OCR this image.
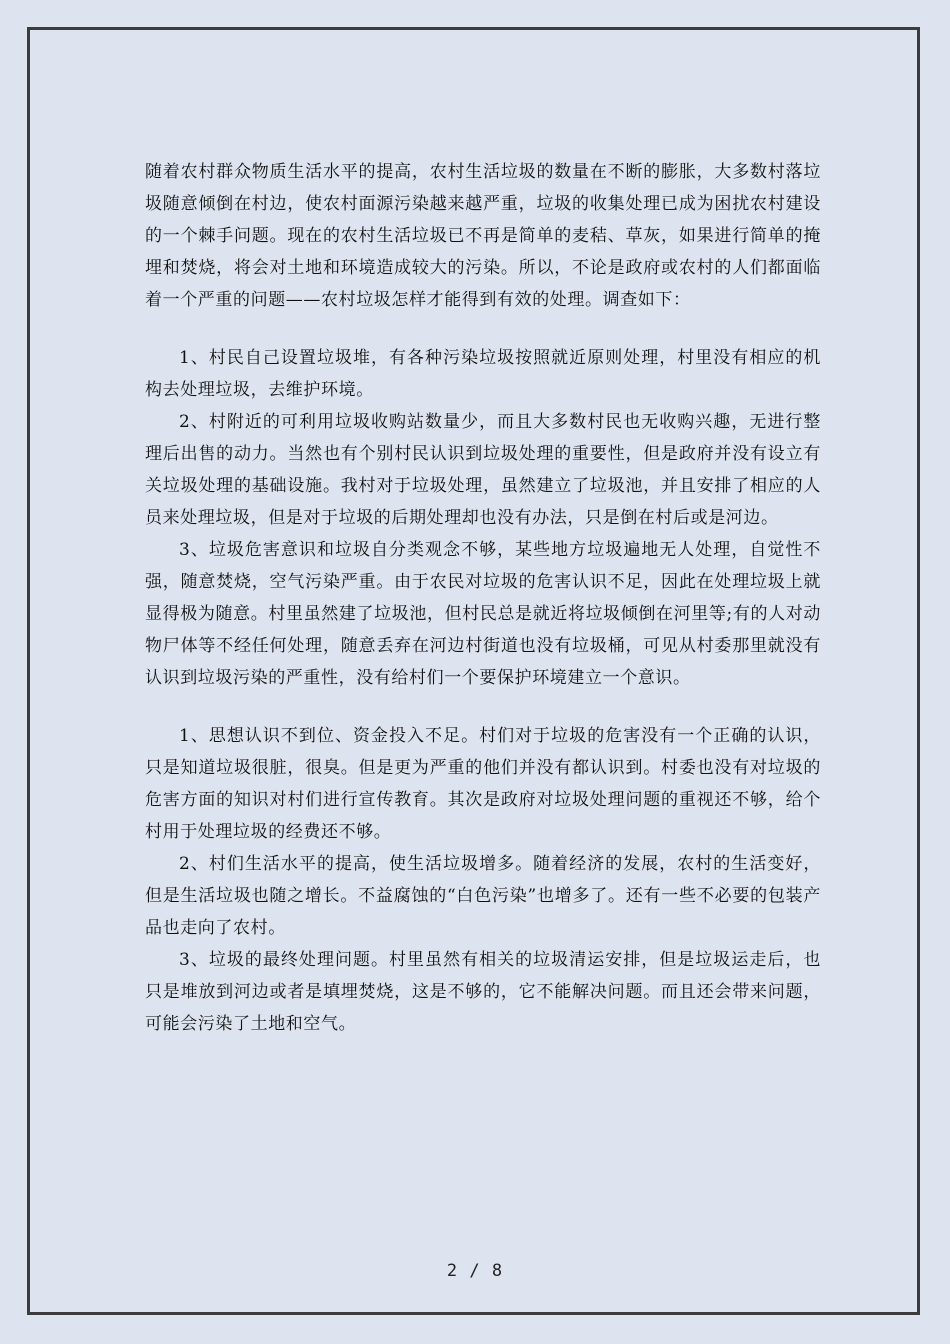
随着农村群众物质生活水平的提高，农村生活垃圾的数量在不断的膨胀，大多数村落垃圾随意倾倒在村边，使农村面源污染越来越严重，垃圾的收集处理已成为困扰农村建设的一个棘手问题。现在的农村生活垃圾已不再是简单的麦秸、草灰，如果进行简单的掩埋和焚烧，将会对土地和环境造成较大的污染。所以，不论是政府或农村的人们都面临着一个严重的问题——农村垃圾怎样才能得到有效的处理。调查如下：

1、村民自己设置垃圾堆，有各种污染垃圾按照就近原则处理，村里没有相应的机构去处理垃圾，去维护环境。

2、村附近的可利用垃圾收购站数量少，而且大多数村民也无收购兴趣，无进行整理后出售的动力。当然也有个别村民认识到垃圾处理的重要性，但是政府并没有设立有关垃圾处理的基础设施。我村对于垃圾处理，虽然建立了垃圾池，并且安排了相应的人员来处理垃圾，但是对于垃圾的后期处理却也没有办法，只是倒在村后或是河边。

3、垃圾危害意识和垃圾自分类观念不够，某些地方垃圾遍地无人处理，自觉性不强，随意焚烧，空气污染严重。由于农民对垃圾的危害认识不足，因此在处理垃圾上就显得极为随意。村里虽然建了垃圾池，但村民总是就近将垃圾倾倒在河里等;有的人对动物尸体等不经任何处理，随意丢弃在河边村街道也没有垃圾桶，可见从村委那里就没有认识到垃圾污染的严重性，没有给村们一个要保护环境建立一个意识。

1、思想认识不到位、资金投入不足。村们对于垃圾的危害没有一个正确的认识，只是知道垃圾很脏，很臭。但是更为严重的他们并没有都认识到。村委也没有对垃圾的危害方面的知识对村们进行宣传教育。其次是政府对垃圾处理问题的重视还不够，给个村用于处理垃圾的经费还不够。

2、村们生活水平的提高，使生活垃圾增多。随着经济的发展，农村的生活变好，但是生活垃圾也随之增长。不益腐蚀的“白色污染”也增多了。还有一些不必要的包装产品也走向了农村。

3、垃圾的最终处理问题。村里虽然有相关的垃圾清运安排，但是垃圾运走后，也只是堆放到河边或者是填埋焚烧，这是不够的，它不能解决问题。而且还会带来问题，可能会污染了土地和空气。

2 / 8
